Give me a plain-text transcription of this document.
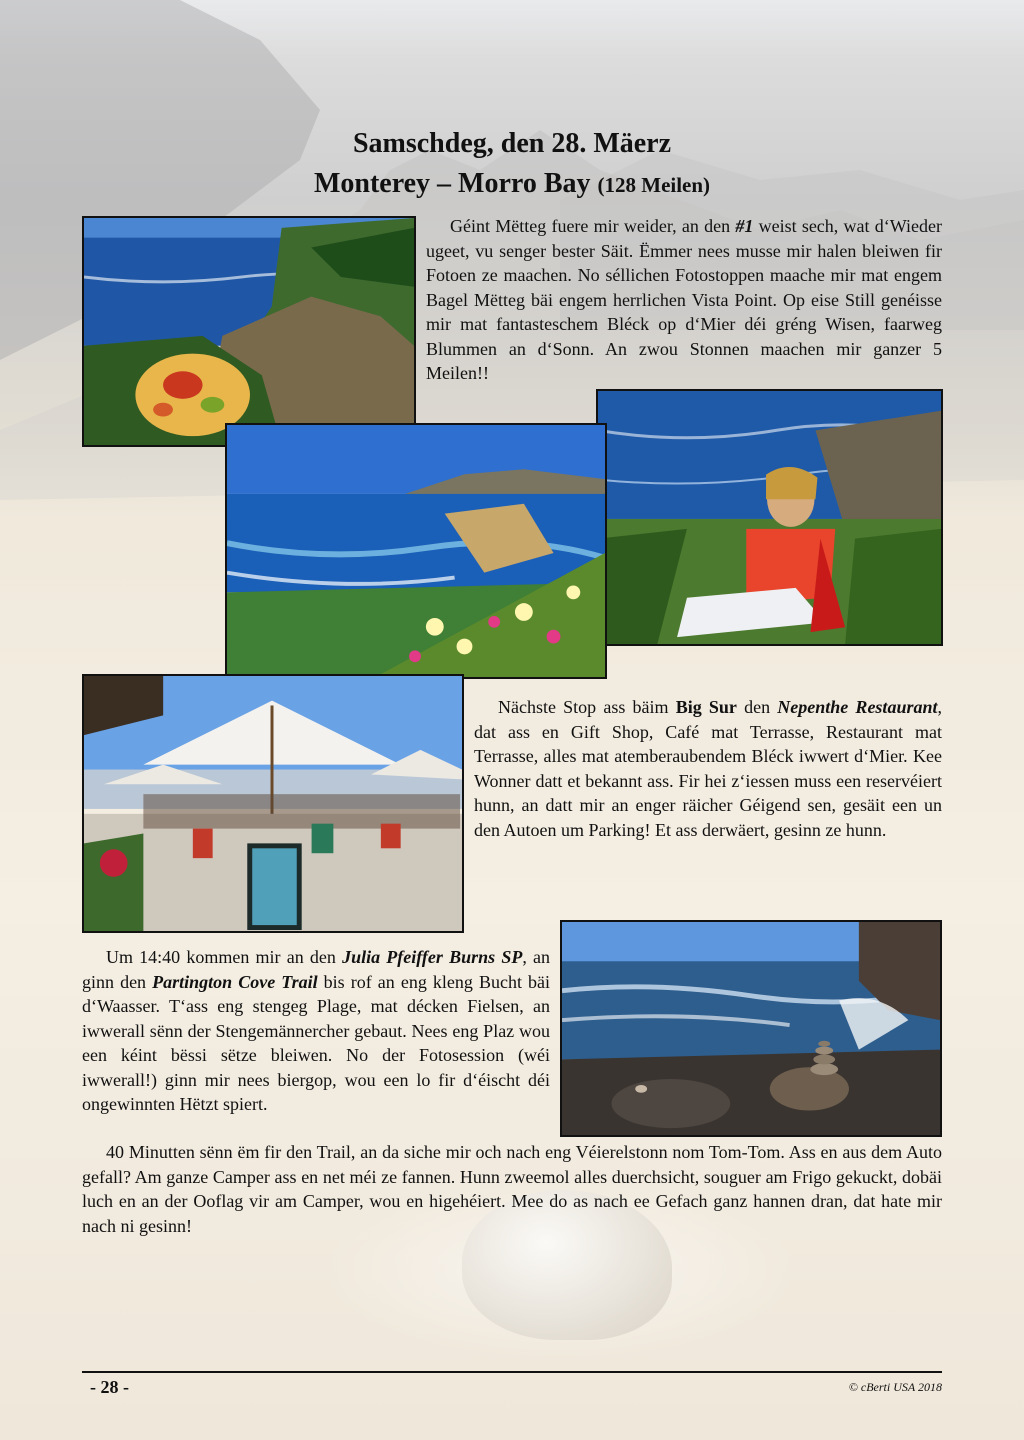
Samschdeg, den 28. Mäerz
Monterey – Morro Bay (128 Meilen)

Géint Mëtteg fuere mir weider, an den #1 weist sech, wat d‘Wieder ugeet, vu senger bester Säit. Ëmmer nees musse mir halen bleiwen fir Fotoen ze maachen. No séllichen Fotostoppen maache mir mat engem Bagel Mëtteg bäi engem herrlichen Vista Point. Op eise Still genéisse mir mat fantasteschem Bléck op d‘Mier déi gréng Wisen, faarweg Blummen an d‘Sonn. An zwou Stonnen maachen mir ganzer 5 Meilen!!

Nächste Stop ass bäim Big Sur den Nepenthe Restaurant, dat ass en Gift Shop, Café mat Terrasse, Restaurant mat Terrasse, alles mat atemberaubendem Bléck iwwert d‘Mier. Kee Wonner datt et bekannt ass. Fir hei z‘iessen muss een reservéiert hunn, an datt mir an enger räicher Géigend sen, gesäit een un den Autoen um Parking! Et ass derwäert, gesinn ze hunn.

Um 14:40 kommen mir an den Julia Pfeiffer Burns SP, an ginn den Partington Cove Trail bis rof an eng kleng Bucht bäi d‘Waasser. T‘ass eng stengeg Plage, mat décken Fielsen, an iwwerall sënn der Stengemännercher gebaut. Nees eng Plaz wou een kéint bëssi sëtze bleiwen. No der Fotosession (wéi iwwerall!) ginn mir nees biergop, wou een lo fir d‘éischt déi ongewinnten Hëtzt spiert.

40 Minutten sënn ëm fir den Trail, an da siche mir och nach eng Véierelstonn nom Tom-Tom. Ass en aus dem Auto gefall? Am ganze Camper ass en net méi ze fannen. Hunn zweemol alles duerchsicht, souguer am Frigo gekuckt, dobäi luch en an der Ooflag vir am Camper, wou en higehéiert. Mee do as nach ee Gefach ganz hannen dran, dat hate mir nach ni gesinn!

- 28 -	© cBerti USA 2018
